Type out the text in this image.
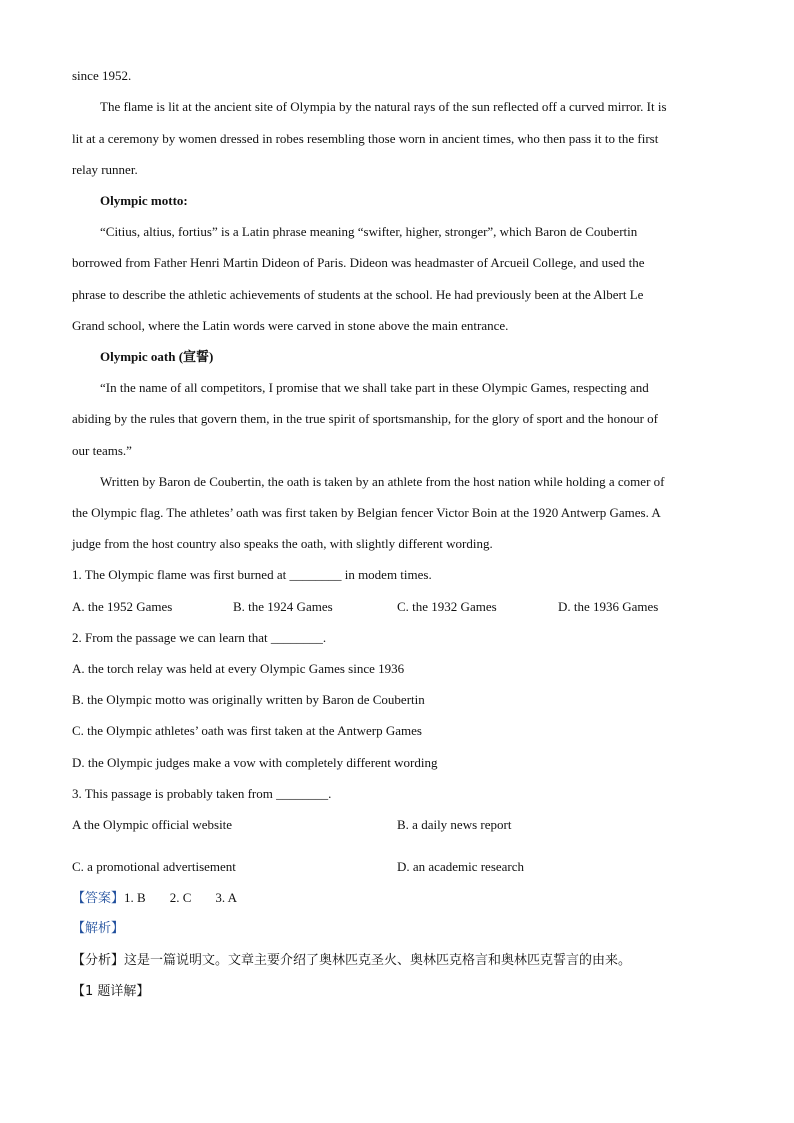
since 1952.
The flame is lit at the ancient site of Olympia by the natural rays of the sun reflected off a curved mirror. It is
lit at a ceremony by women dressed in robes resembling those worn in ancient times, who then pass it to the first
relay runner.
Olympic motto:
“Citius, altius, fortius” is a Latin phrase meaning “swifter, higher, stronger”, which Baron de Coubertin
borrowed from Father Henri Martin Dideon of Paris. Dideon was headmaster of Arcueil College, and used the
phrase to describe the athletic achievements of students at the school. He had previously been at the Albert Le
Grand school, where the Latin words were carved in stone above the main entrance.
Olympic oath (宣誓)
“In the name of all competitors, I promise that we shall take part in these Olympic Games, respecting and
abiding by the rules that govern them, in the true spirit of sportsmanship, for the glory of sport and the honour of
our teams.”
Written by Baron de Coubertin, the oath is taken by an athlete from the host nation while holding a comer of
the Olympic flag. The athletes’ oath was first taken by Belgian fencer Victor Boin at the 1920 Antwerp Games. A
judge from the host country also speaks the oath, with slightly different wording.
1. The Olympic flame was first burned at ________ in modem times.
A. the 1952 Games	B. the 1924 Games	C. the 1932 Games	D. the 1936 Games
2. From the passage we can learn that ________.
A. the torch relay was held at every Olympic Games since 1936
B. the Olympic motto was originally written by Baron de Coubertin
C. the Olympic athletes’ oath was first taken at the Antwerp Games
D. the Olympic judges make a vow with completely different wording
3. This passage is probably taken from ________.
A the Olympic official website	B. a daily news report
C. a promotional advertisement	D. an academic research
【答案】1. B 2. C 3. A
【解析】
【分析】这是一篇说明文。文章主要介绍了奥林匹克圣火、奥林匹克格言和奥林匹克誓言的由来。
【1 题详解】
